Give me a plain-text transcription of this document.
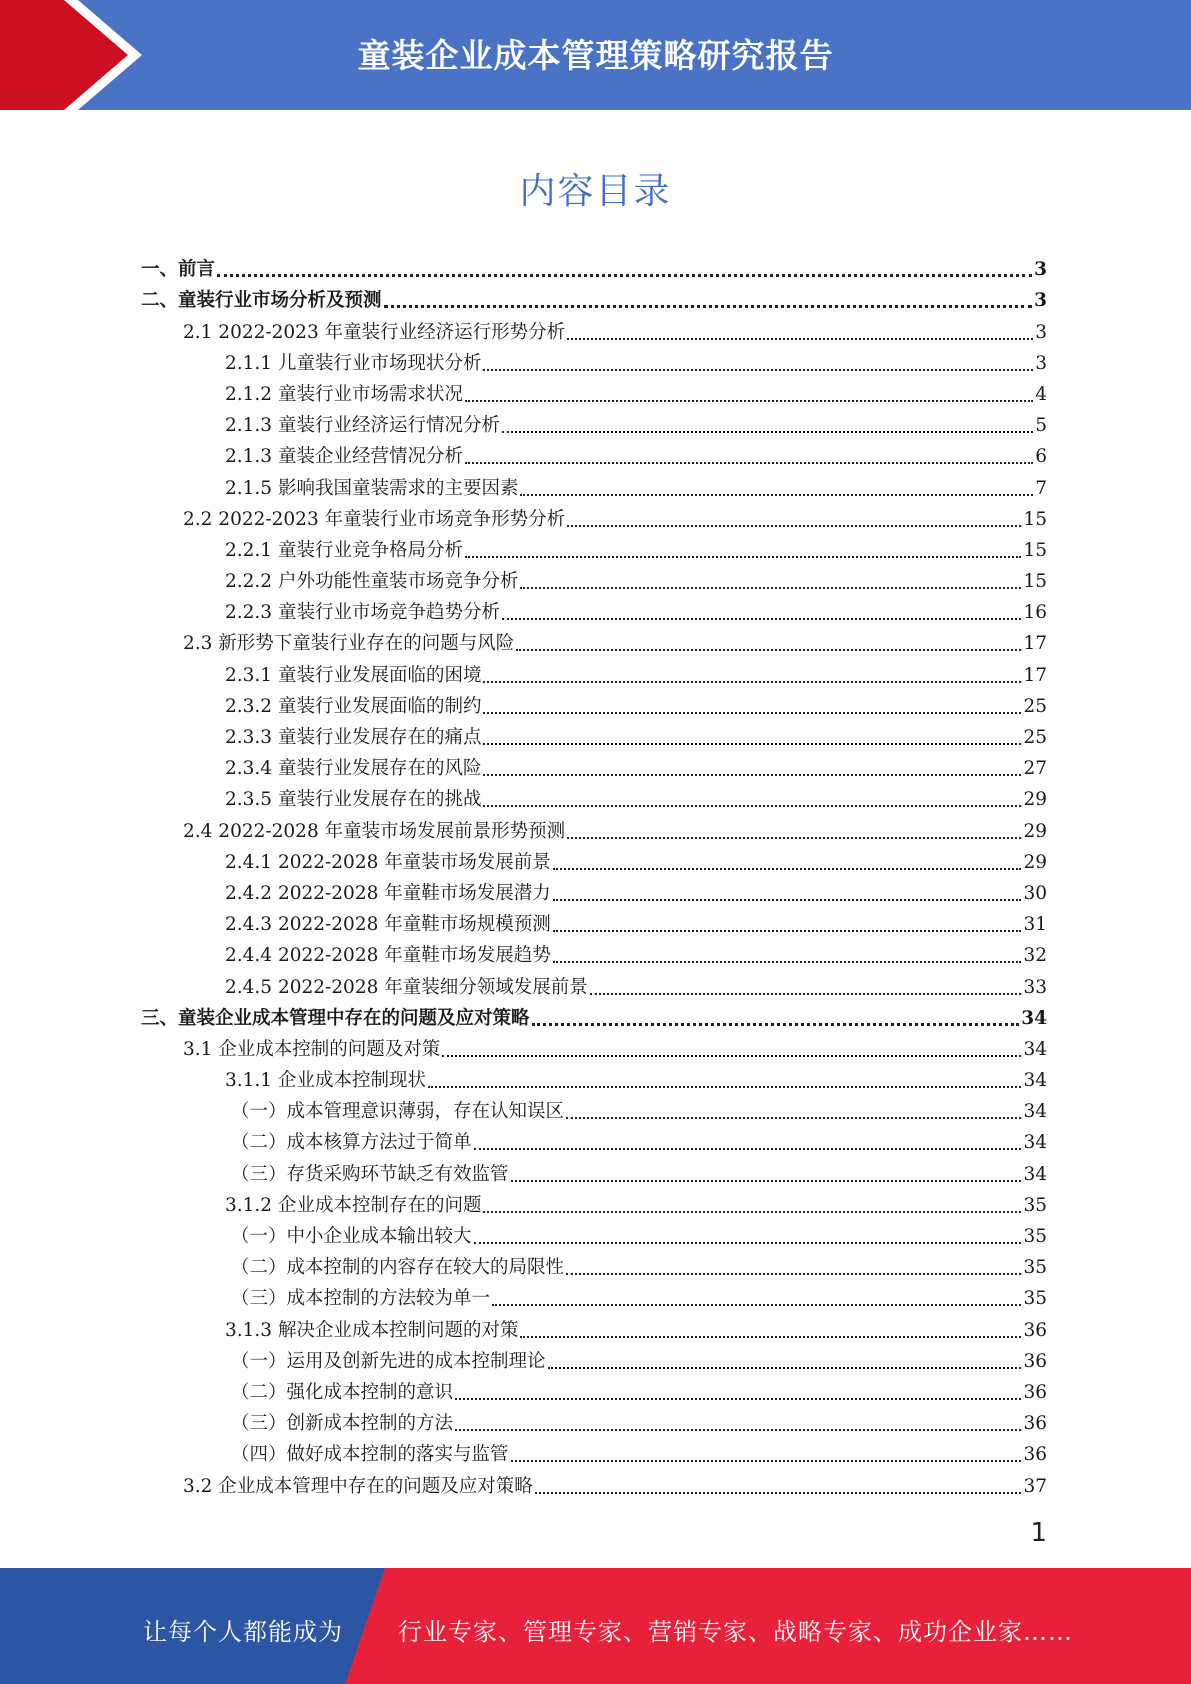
童装企业成本管理策略研究报告
内容目录
一、前言	3
二、童装行业市场分析及预测	3
2.1 2022-2023 年童装行业经济运行形势分析	3
2.1.1 儿童装行业市场现状分析	3
2.1.2 童装行业市场需求状况	4
2.1.3 童装行业经济运行情况分析	5
2.1.3 童装企业经营情况分析	6
2.1.5 影响我国童装需求的主要因素	7
2.2 2022-2023 年童装行业市场竞争形势分析	15
2.2.1 童装行业竞争格局分析	15
2.2.2 户外功能性童装市场竞争分析	15
2.2.3 童装行业市场竞争趋势分析	16
2.3 新形势下童装行业存在的问题与风险	17
2.3.1 童装行业发展面临的困境	17
2.3.2 童装行业发展面临的制约	25
2.3.3 童装行业发展存在的痛点	25
2.3.4 童装行业发展存在的风险	27
2.3.5 童装行业发展存在的挑战	29
2.4 2022-2028 年童装市场发展前景形势预测	29
2.4.1 2022-2028 年童装市场发展前景	29
2.4.2 2022-2028 年童鞋市场发展潜力	30
2.4.3 2022-2028 年童鞋市场规模预测	31
2.4.4 2022-2028 年童鞋市场发展趋势	32
2.4.5 2022-2028 年童装细分领域发展前景	33
三、童装企业成本管理中存在的问题及应对策略	34
3.1 企业成本控制的问题及对策	34
3.1.1 企业成本控制现状	34
（一）成本管理意识薄弱，存在认知误区	34
（二）成本核算方法过于简单	34
（三）存货采购环节缺乏有效监管	34
3.1.2 企业成本控制存在的问题	35
（一）中小企业成本输出较大	35
（二）成本控制的内容存在较大的局限性	35
（三）成本控制的方法较为单一	35
3.1.3 解决企业成本控制问题的对策	36
（一）运用及创新先进的成本控制理论	36
（二）强化成本控制的意识	36
（三）创新成本控制的方法	36
（四）做好成本控制的落实与监管	36
3.2 企业成本管理中存在的问题及应对策略	37
1
让每个人都能成为 行业专家、管理专家、营销专家、战略专家、成功企业家……
